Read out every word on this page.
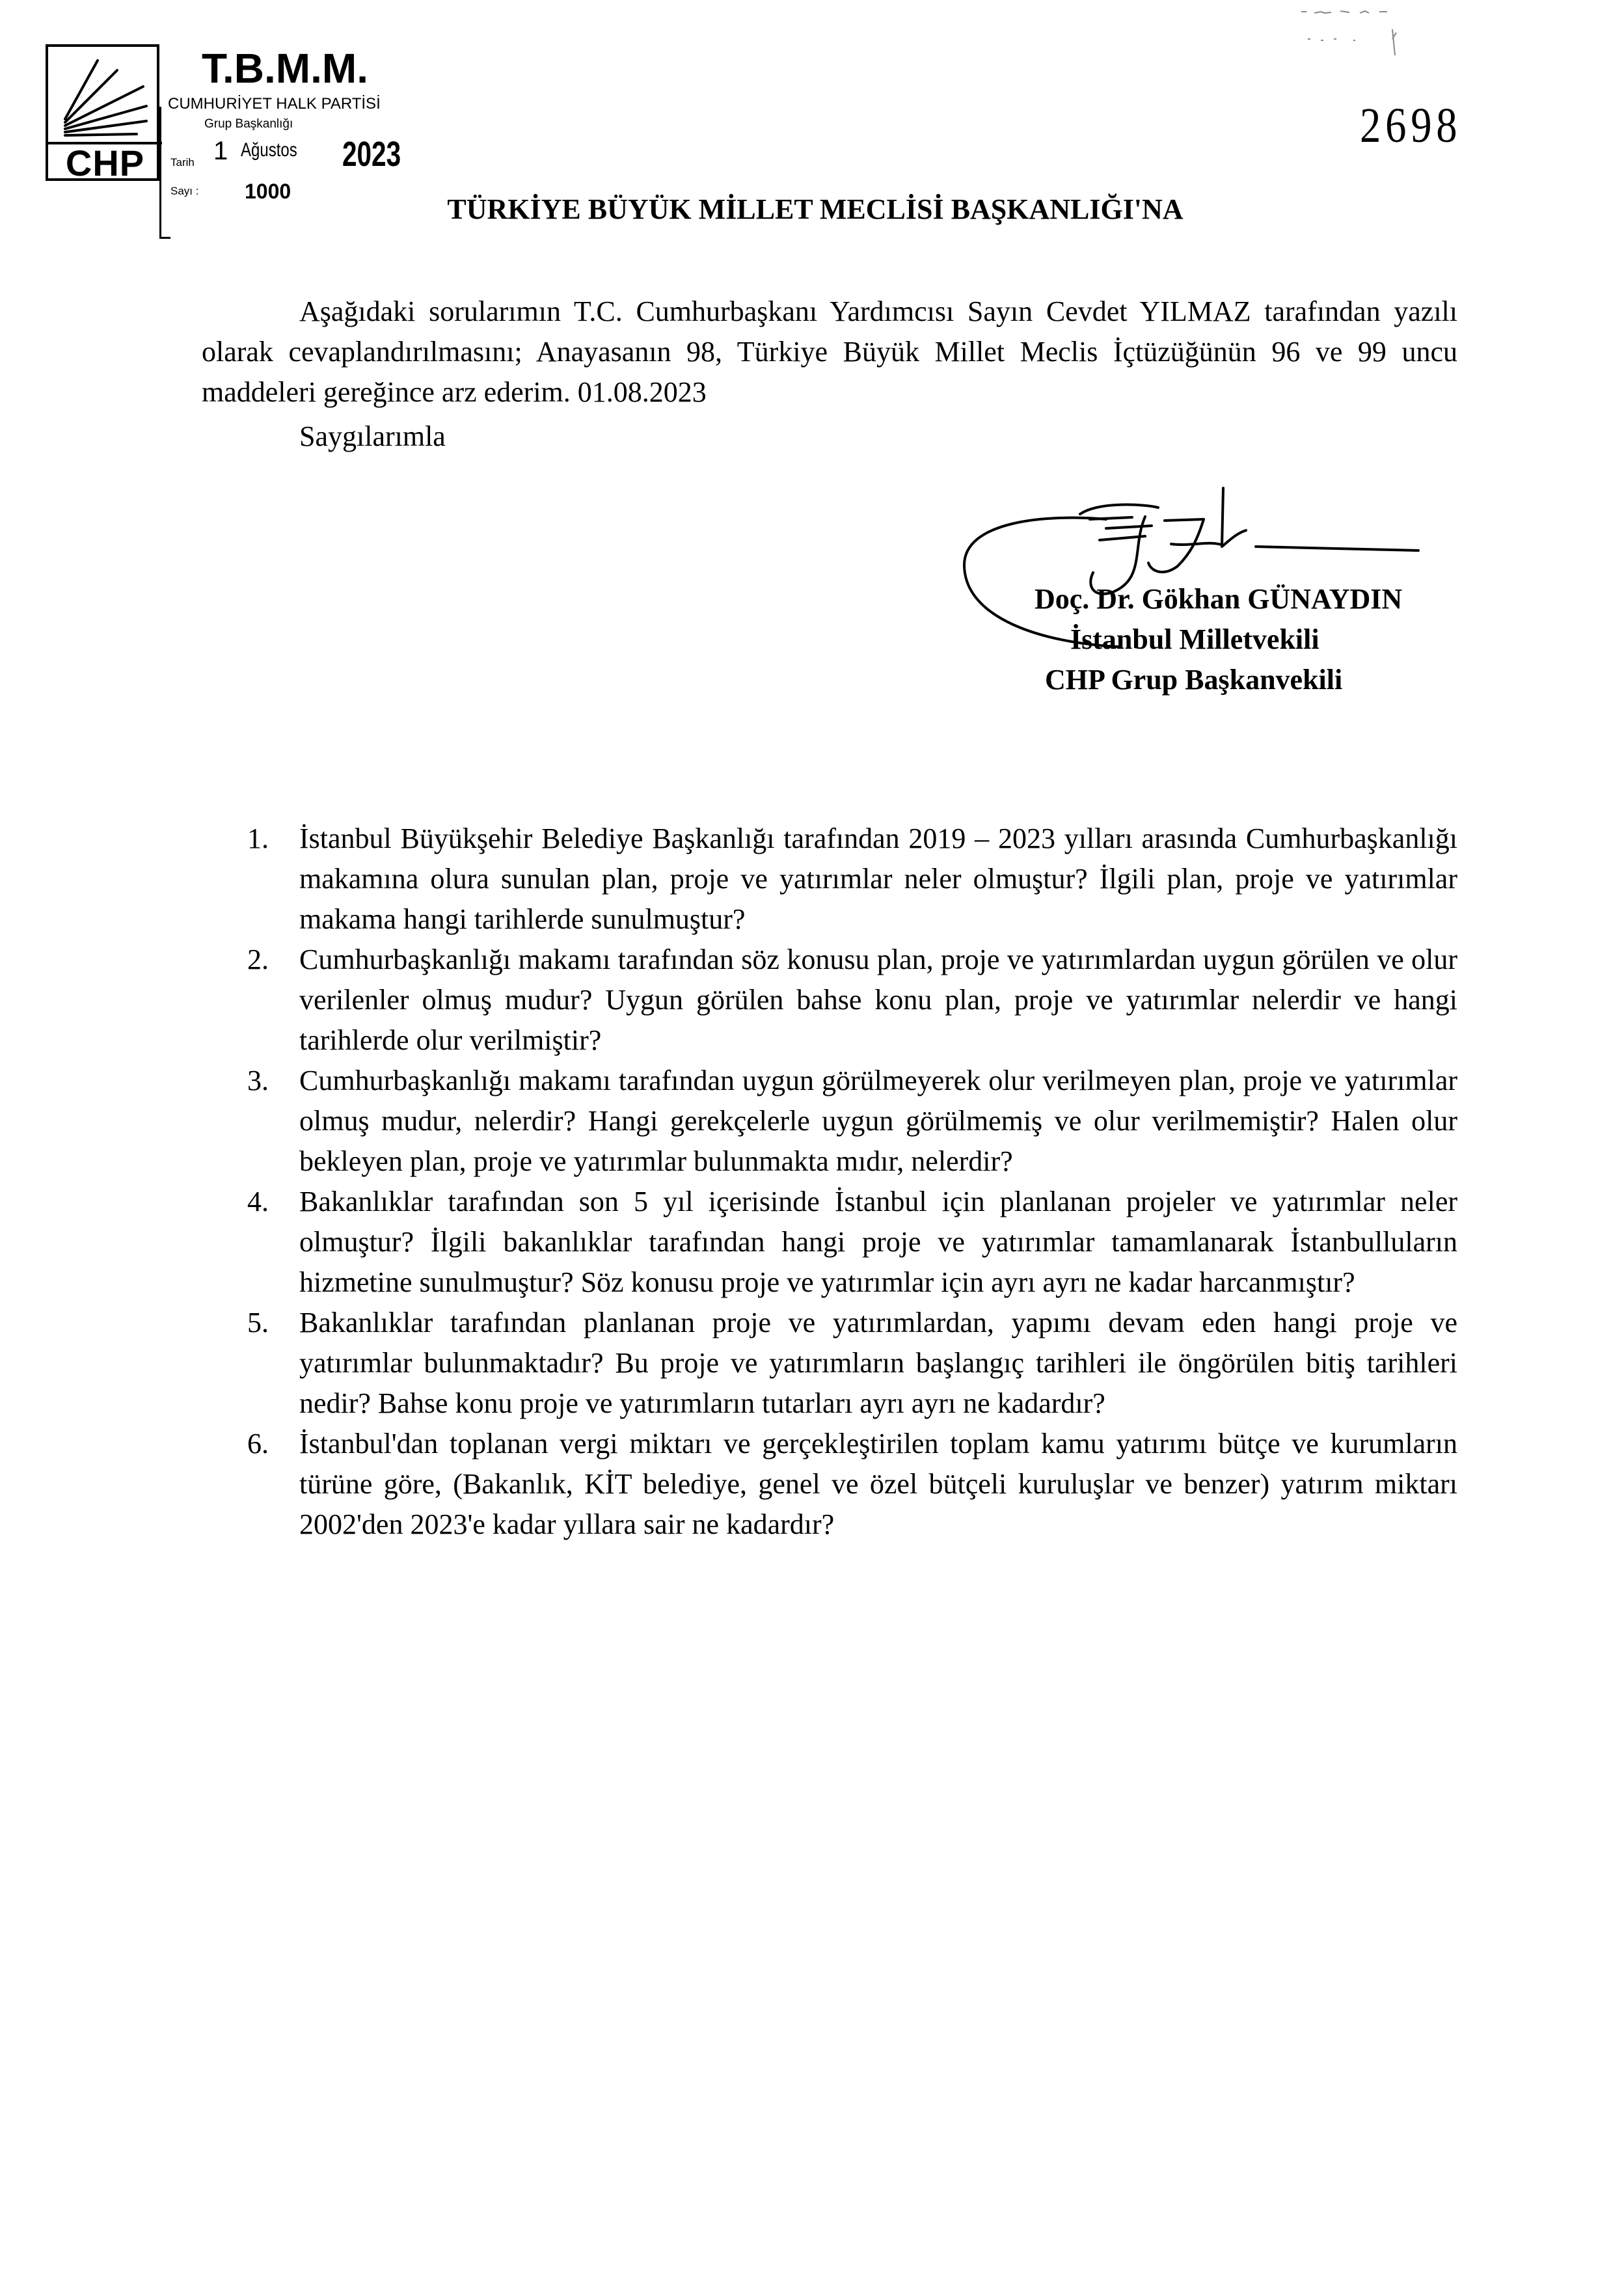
CHP
T.B.M.M.
CUMHURİYET HALK PARTİSİ
Grup Başkanlığı
Tarih 1 Ağustos 2023
Sayı : 1000
2698
TÜRKİYE BÜYÜK MİLLET MECLİSİ BAŞKANLIĞI'NA
Aşağıdaki sorularımın T.C. Cumhurbaşkanı Yardımcısı Sayın Cevdet YILMAZ tarafından yazılı olarak cevaplandırılmasını; Anayasanın 98, Türkiye Büyük Millet Meclis İçtüzüğünün 96 ve 99 uncu maddeleri gereğince arz ederim. 01.08.2023
Saygılarımla
Doç. Dr. Gökhan GÜNAYDIN
İstanbul Milletvekili
CHP Grup Başkanvekili
1. İstanbul Büyükşehir Belediye Başkanlığı tarafından 2019 – 2023 yılları arasında Cumhurbaşkanlığı makamına olura sunulan plan, proje ve yatırımlar neler olmuştur? İlgili plan, proje ve yatırımlar makama hangi tarihlerde sunulmuştur?
2. Cumhurbaşkanlığı makamı tarafından söz konusu plan, proje ve yatırımlardan uygun görülen ve olur verilenler olmuş mudur? Uygun görülen bahse konu plan, proje ve yatırımlar nelerdir ve hangi tarihlerde olur verilmiştir?
3. Cumhurbaşkanlığı makamı tarafından uygun görülmeyerek olur verilmeyen plan, proje ve yatırımlar olmuş mudur, nelerdir? Hangi gerekçelerle uygun görülmemiş ve olur verilmemiştir? Halen olur bekleyen plan, proje ve yatırımlar bulunmakta mıdır, nelerdir?
4. Bakanlıklar tarafından son 5 yıl içerisinde İstanbul için planlanan projeler ve yatırımlar neler olmuştur? İlgili bakanlıklar tarafından hangi proje ve yatırımlar tamamlanarak İstanbulluların hizmetine sunulmuştur? Söz konusu proje ve yatırımlar için ayrı ayrı ne kadar harcanmıştır?
5. Bakanlıklar tarafından planlanan proje ve yatırımlardan, yapımı devam eden hangi proje ve yatırımlar bulunmaktadır? Bu proje ve yatırımların başlangıç tarihleri ile öngörülen bitiş tarihleri nedir? Bahse konu proje ve yatırımların tutarları ayrı ayrı ne kadardır?
6. İstanbul'dan toplanan vergi miktarı ve gerçekleştirilen toplam kamu yatırımı bütçe ve kurumların türüne göre, (Bakanlık, KİT belediye, genel ve özel bütçeli kuruluşlar ve benzer) yatırım miktarı 2002'den 2023'e kadar yıllara sair ne kadardır?
